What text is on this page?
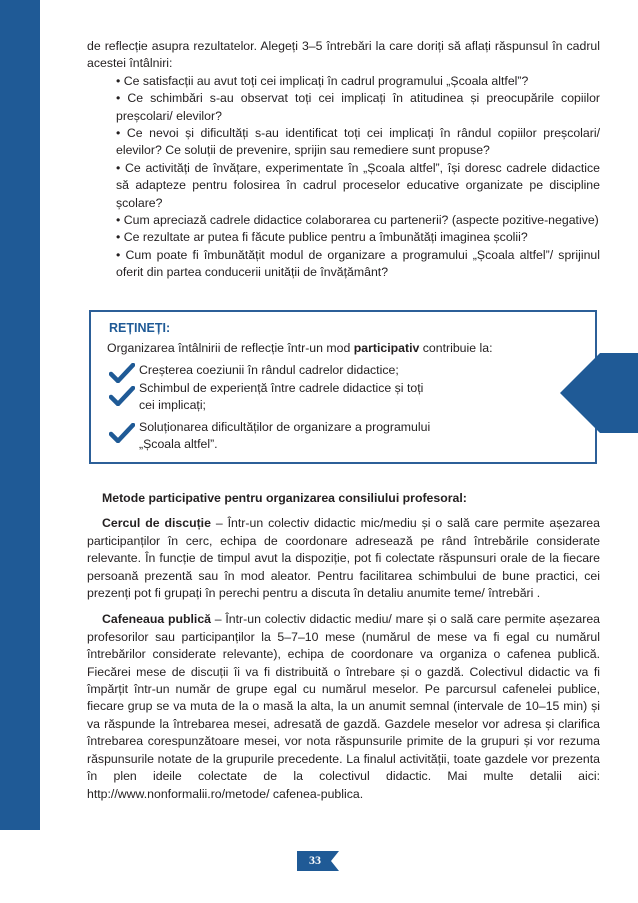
de reflecție asupra rezultatelor. Alegeți 3–5 întrebări la care doriți să aflați răspunsul în cadrul acestei întâlniri:

• Ce satisfacții au avut toți cei implicați în cadrul programului „Școala altfel”?

• Ce schimbări s-au observat toți cei implicați în atitudinea și preocupările copiilor preșcolari/ elevilor?

• Ce nevoi și dificultăți s-au identificat toți cei implicați în rândul copiilor preșcolari/ elevilor? Ce soluții de prevenire, sprijin sau remediere sunt propuse?

• Ce activități de învățare, experimentate în „Școala altfel”, își doresc cadrele didactice să adapteze pentru folosirea în cadrul proceselor educative organizate pe discipline școlare?

• Cum apreciază cadrele didactice colaborarea cu partenerii? (aspecte pozitive-negative)

• Ce rezultate ar putea fi făcute publice pentru a îmbunătăți imaginea școlii?

• Cum poate fi îmbunătățit modul de organizare a programului „Școala altfel”/ sprijinul oferit din partea conducerii unității de învățământ?

REȚINEȚI:
Organizarea întâlnirii de reflecție într-un mod participativ contribuie la:
Creșterea coeziunii în rândul cadrelor didactice;
Schimbul de experiență între cadrele didactice și toți cei implicați;
Soluționarea dificultăților de organizare a programului „Școala altfel”.

Metode participative pentru organizarea consiliului profesoral:

Cercul de discuție – Într-un colectiv didactic mic/mediu și o sală care permite așezarea participanților în cerc, echipa de coordonare adresează pe rând întrebările considerate relevante. În funcție de timpul avut la dispoziție, pot fi colectate răspunsuri orale de la fiecare persoană prezentă sau în mod aleator. Pentru facilitarea schimbului de bune practici, cei prezenți pot fi grupați în perechi pentru a discuta în detaliu anumite teme/ întrebări .

Cafeneaua publică – Într-un colectiv didactic mediu/ mare și o sală care permite așezarea profesorilor sau participanților la 5–7–10 mese (numărul de mese va fi egal cu numărul întrebărilor considerate relevante), echipa de coordonare va organiza o cafenea publică. Fiecărei mese de discuții îi va fi distribuită o întrebare și o gazdă. Colectivul didactic va fi împărțit într-un număr de grupe egal cu numărul meselor. Pe parcursul cafenelei publice, fiecare grup se va muta de la o masă la alta, la un anumit semnal (intervale de 10–15 min) și va răspunde la întrebarea mesei, adresată de gazdă. Gazdele meselor vor adresa și clarifica întrebarea corespunzătoare mesei, vor nota răspunsurile primite de la grupuri și vor rezuma răspunsurile notate de la grupurile precedente. La finalul activității, toate gazdele vor prezenta în plen ideile colectate de la colectivul didactic. Mai multe detalii aici: http://www.nonformalii.ro/metode/ cafenea-publica.

33
